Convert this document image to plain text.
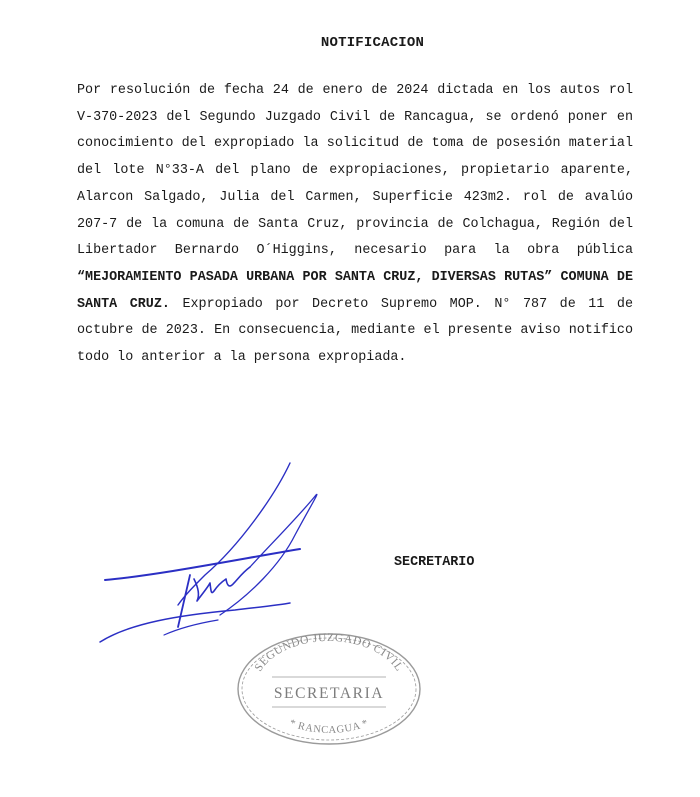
NOTIFICACION

Por resolución de fecha 24 de enero de 2024 dictada en los autos rol V-370-2023 del Segundo Juzgado Civil de Rancagua, se ordenó poner en conocimiento del expropiado la solicitud de toma de posesión material del lote N°33-A del plano de expropiaciones, propietario aparente, Alarcon Salgado, Julia del Carmen, Superficie 423m2. rol de avalúo 207-7 de la comuna de Santa Cruz, provincia de Colchagua, Región del Libertador Bernardo O´Higgins, necesario para la obra pública “MEJORAMIENTO PASADA URBANA POR SANTA CRUZ, DIVERSAS RUTAS” COMUNA DE SANTA CRUZ. Expropiado por Decreto Supremo MOP. N° 787 de 11 de octubre de 2023. En consecuencia, mediante el presente aviso notifico todo lo anterior a la persona expropiada.

SECRETARIO
SEGUNDO JUZGADO CIVIL
SECRETARIA
* RANCAGUA *
